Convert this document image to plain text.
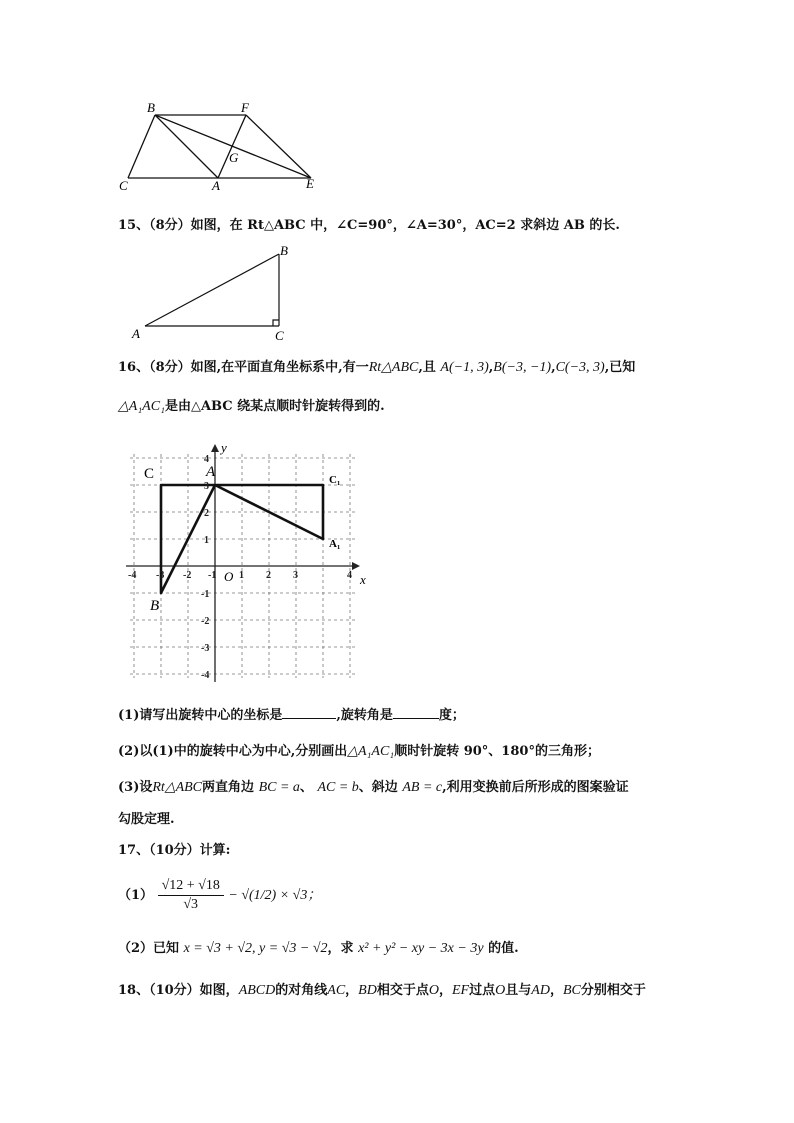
B	F
G
C	A	E
15、（8分）如图，在 Rt△ABC 中，∠C=90°，∠A=30°，AC=2 求斜边 AB 的长.
A
B
C
16、（8分）如图,在平面直角坐标系中,有一Rt△ABC,且 A(−1, 3),B(−3, −1),C(−3, 3),已知
△A₁AC₁是由△ABC 绕某点顺时针旋转得到的.
x
y
O
-4 -3 -2 -1 1 2 3	4
4
3
2
1
-1
-2
-3
-4
C	A
B
C₁
A₁
(1)请写出旋转中心的坐标是	,旋转角是	度；
(2)以(1)中的旋转中心为中心,分别画出△A₁AC₁顺时针旋转 90°、180°的三角形；
(3)设Rt△ABC两直角边 BC = a、 AC = b、斜边 AB = c,利用变换前后所形成的图案验证
勾股定理.
17、（10分）计算:
$(1) \frac{√12 + √18}{√3} - √(1/2) \times √3$；
（2）已知 x = √3 + √2, y = √3 − √2，求 x² + y² − xy − 3x − 3y 的值.
18、（10分）如图，ABCD的对角线AC，BD相交于点O，EF过点O且与AD，BC分别相交于
